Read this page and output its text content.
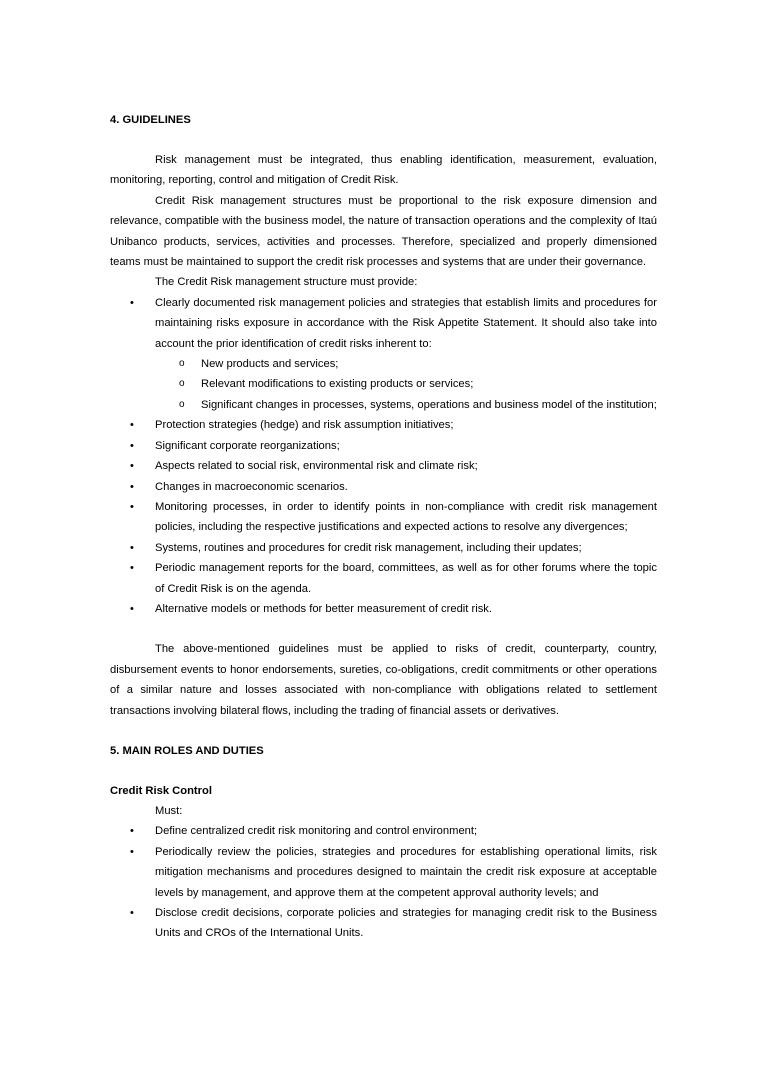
4. GUIDELINES

Risk management must be integrated, thus enabling identification, measurement, evaluation, monitoring, reporting, control and mitigation of Credit Risk.

Credit Risk management structures must be proportional to the risk exposure dimension and relevance, compatible with the business model, the nature of transaction operations and the complexity of Itaú Unibanco products, services, activities and processes. Therefore, specialized and properly dimensioned teams must be maintained to support the credit risk processes and systems that are under their governance.

The Credit Risk management structure must provide:

• Clearly documented risk management policies and strategies that establish limits and procedures for maintaining risks exposure in accordance with the Risk Appetite Statement. It should also take into account the prior identification of credit risks inherent to:
o New products and services;
o Relevant modifications to existing products or services;
o Significant changes in processes, systems, operations and business model of the institution;
• Protection strategies (hedge) and risk assumption initiatives;
• Significant corporate reorganizations;
• Aspects related to social risk, environmental risk and climate risk;
• Changes in macroeconomic scenarios.
• Monitoring processes, in order to identify points in non-compliance with credit risk management policies, including the respective justifications and expected actions to resolve any divergences;
• Systems, routines and procedures for credit risk management, including their updates;
• Periodic management reports for the board, committees, as well as for other forums where the topic of Credit Risk is on the agenda.
• Alternative models or methods for better measurement of credit risk.

The above-mentioned guidelines must be applied to risks of credit, counterparty, country, disbursement events to honor endorsements, sureties, co-obligations, credit commitments or other operations of a similar nature and losses associated with non-compliance with obligations related to settlement transactions involving bilateral flows, including the trading of financial assets or derivatives.

5. MAIN ROLES AND DUTIES
Credit Risk Control

Must:

• Define centralized credit risk monitoring and control environment;
• Periodically review the policies, strategies and procedures for establishing operational limits, risk mitigation mechanisms and procedures designed to maintain the credit risk exposure at acceptable levels by management, and approve them at the competent approval authority levels; and
• Disclose credit decisions, corporate policies and strategies for managing credit risk to the Business Units and CROs of the International Units.
